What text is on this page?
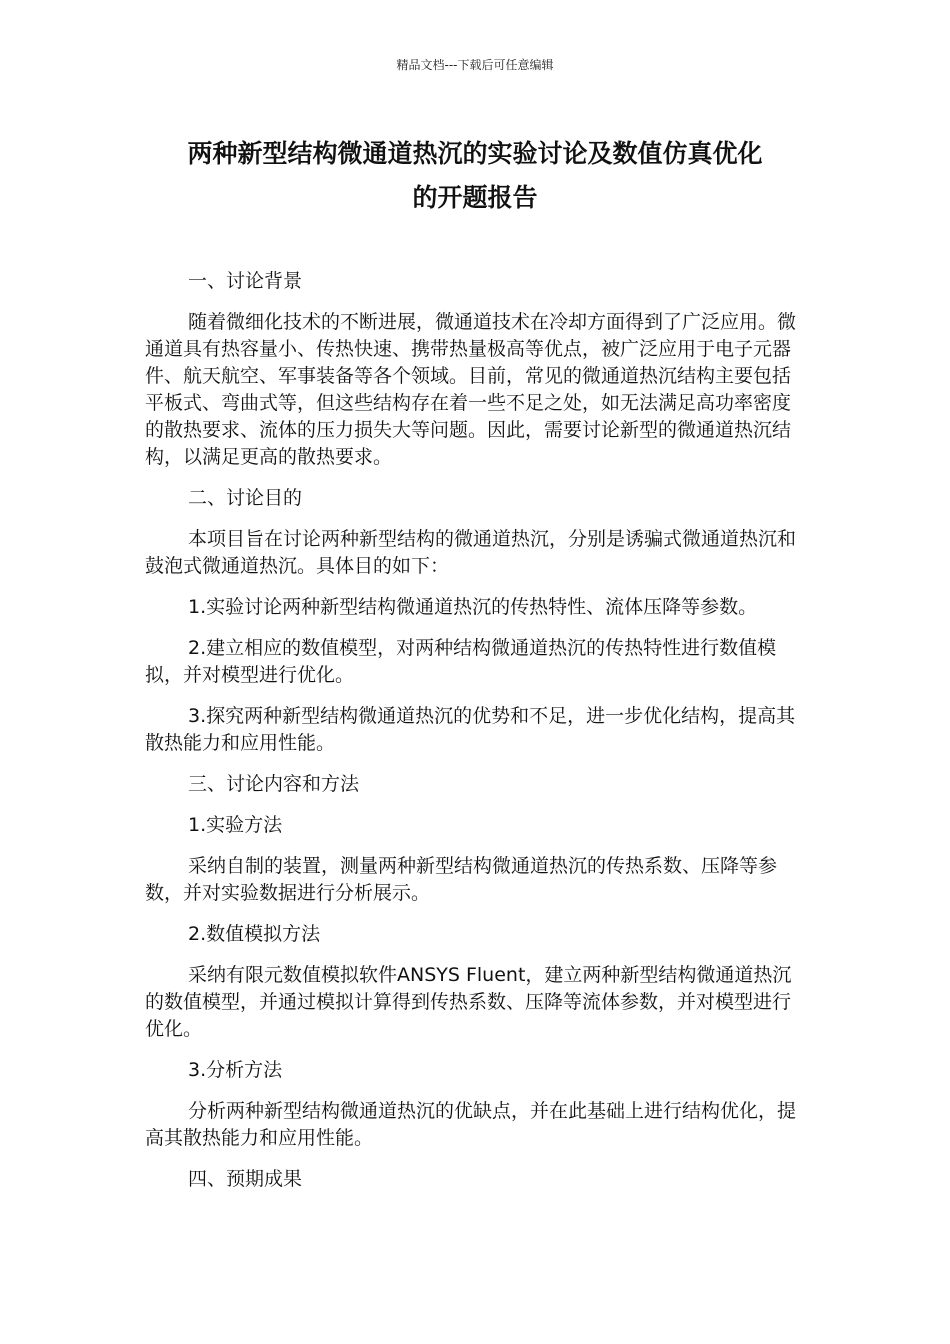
精品文档---下载后可任意编辑
两种新型结构微通道热沉的实验讨论及数值仿真优化
的开题报告

一、讨论背景

随着微细化技术的不断进展，微通道技术在冷却方面得到了广泛应用。微通道具有热容量小、传热快速、携带热量极高等优点，被广泛应用于电子元器件、航天航空、军事装备等各个领域。目前，常见的微通道热沉结构主要包括平板式、弯曲式等，但这些结构存在着一些不足之处，如无法满足高功率密度的散热要求、流体的压力损失大等问题。因此，需要讨论新型的微通道热沉结构，以满足更高的散热要求。

二、讨论目的

本项目旨在讨论两种新型结构的微通道热沉，分别是诱骗式微通道热沉和鼓泡式微通道热沉。具体目的如下：

1.实验讨论两种新型结构微通道热沉的传热特性、流体压降等参数。

2.建立相应的数值模型，对两种结构微通道热沉的传热特性进行数值模拟，并对模型进行优化。

3.探究两种新型结构微通道热沉的优势和不足，进一步优化结构，提高其散热能力和应用性能。

三、讨论内容和方法

1.实验方法

采纳自制的装置，测量两种新型结构微通道热沉的传热系数、压降等参数，并对实验数据进行分析展示。

2.数值模拟方法

采纳有限元数值模拟软件ANSYS Fluent，建立两种新型结构微通道热沉的数值模型，并通过模拟计算得到传热系数、压降等流体参数，并对模型进行优化。

3.分析方法

分析两种新型结构微通道热沉的优缺点，并在此基础上进行结构优化，提高其散热能力和应用性能。

四、预期成果
